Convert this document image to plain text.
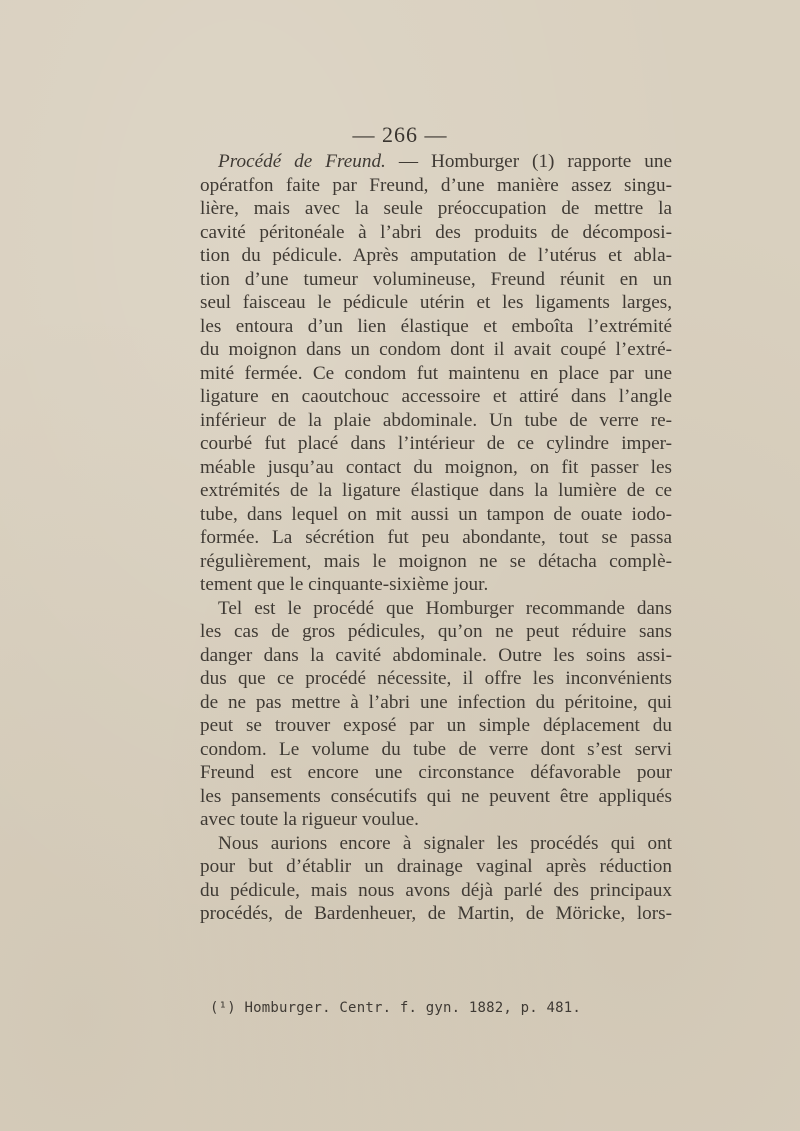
— 266 —
Procédé de Freund. — Homburger (1) rapporte une
opératfon faite par Freund, d’une manière assez singu-
lière, mais avec la seule préoccupation de mettre la
cavité péritonéale à l’abri des produits de décomposi-
tion du pédicule. Après amputation de l’utérus et abla-
tion d’une tumeur volumineuse, Freund réunit en un
seul faisceau le pédicule utérin et les ligaments larges,
les entoura d’un lien élastique et emboîta l’extrémité
du moignon dans un condom dont il avait coupé l’extré-
mité fermée. Ce condom fut maintenu en place par une
ligature en caoutchouc accessoire et attiré dans l’angle
inférieur de la plaie abdominale. Un tube de verre re-
courbé fut placé dans l’intérieur de ce cylindre imper-
méable jusqu’au contact du moignon, on fit passer les
extrémités de la ligature élastique dans la lumière de ce
tube, dans lequel on mit aussi un tampon de ouate iodo-
formée. La sécrétion fut peu abondante, tout se passa
régulièrement, mais le moignon ne se détacha complè-
tement que le cinquante-sixième jour.
Tel est le procédé que Homburger recommande dans
les cas de gros pédicules, qu’on ne peut réduire sans
danger dans la cavité abdominale. Outre les soins assi-
dus que ce procédé nécessite, il offre les inconvénients
de ne pas mettre à l’abri une infection du péritoine, qui
peut se trouver exposé par un simple déplacement du
condom. Le volume du tube de verre dont s’est servi
Freund est encore une circonstance défavorable pour
les pansements consécutifs qui ne peuvent être appliqués
avec toute la rigueur voulue.
Nous aurions encore à signaler les procédés qui ont
pour but d’établir un drainage vaginal après réduction
du pédicule, mais nous avons déjà parlé des principaux
procédés, de Bardenheuer, de Martin, de Möricke, lors-
(¹) Homburger. Centr. f. gyn. 1882, p. 481.
